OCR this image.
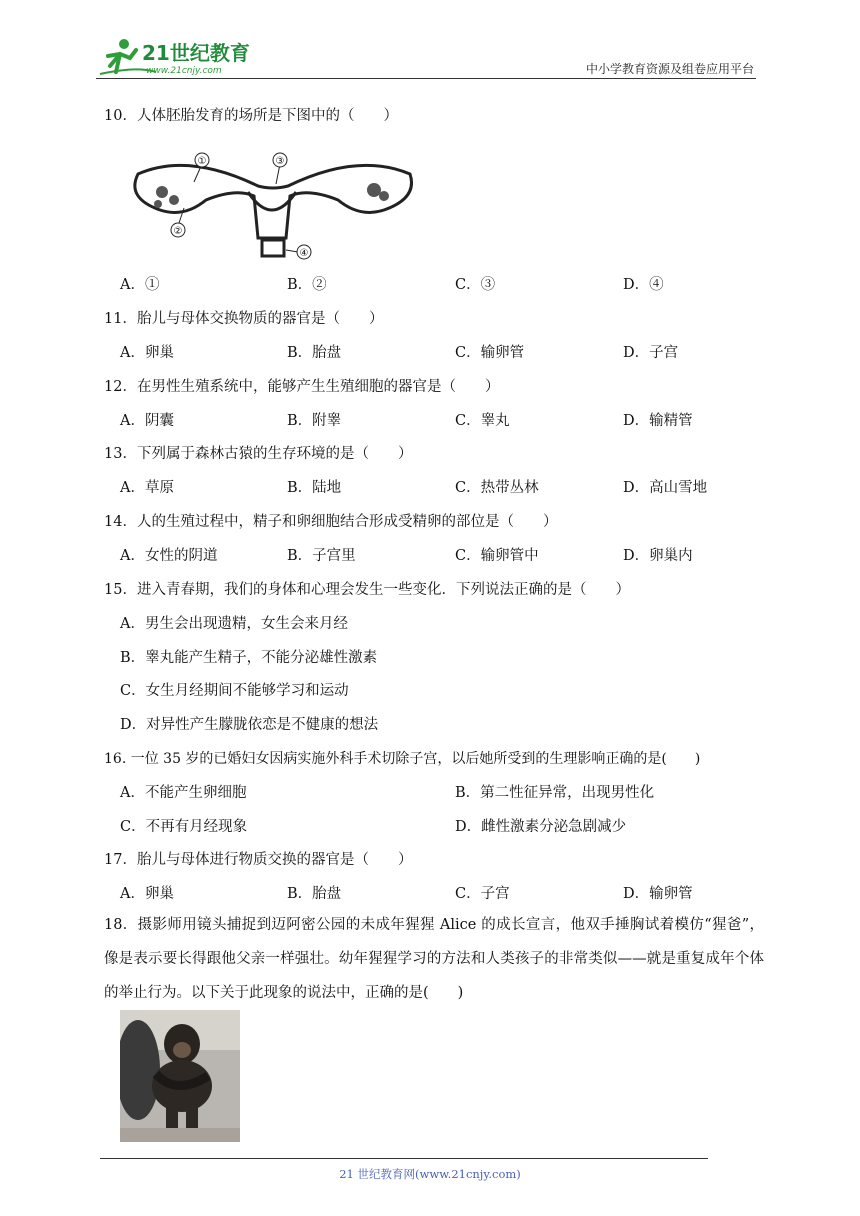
21世纪教育
www.21cnjy.com	中小学教育资源及组卷应用平台
10．人体胚胎发育的场所是下图中的（　　）
①	③
②
④
A．①	B．②	C．③	D．④
11．胎儿与母体交换物质的器官是（　　）
A．卵巢	B．胎盘	C．输卵管	D．子宫
12．在男性生殖系统中，能够产生生殖细胞的器官是（　　）
A．阴囊	B．附睾	C．睾丸	D．输精管
13．下列属于森林古猿的生存环境的是（　　）
A．草原	B．陆地	C．热带丛林	D．高山雪地
14．人的生殖过程中，精子和卵细胞结合形成受精卵的部位是（　　）
A．女性的阴道	B．子宫里	C．输卵管中	D．卵巢内
15．进入青春期，我们的身体和心理会发生一些变化．下列说法正确的是（　　）
A．男生会出现遗精，女生会来月经
B．睾丸能产生精子，不能分泌雄性激素
C．女生月经期间不能够学习和运动
D．对异性产生朦胧依恋是不健康的想法
16. 一位 35 岁的已婚妇女因病实施外科手术切除子宫，以后她所受到的生理影响正确的是(　　)
A．不能产生卵细胞	B．第二性征异常，出现男性化
C．不再有月经现象	D．雌性激素分泌急剧减少
17．胎儿与母体进行物质交换的器官是（　　）
A．卵巢	B．胎盘	C．子宫	D．输卵管
18．摄影师用镜头捕捉到迈阿密公园的未成年猩猩 Alice 的成长宣言，他双手捶胸试着模仿“猩爸”， 像是表示要长得跟他父亲一样强壮。幼年猩猩学习的方法和人类孩子的非常类似——就是重复成年个体的举止行为。以下关于此现象的说法中，正确的是(　　)
21 世纪教育网(www.21cnjy.com)
